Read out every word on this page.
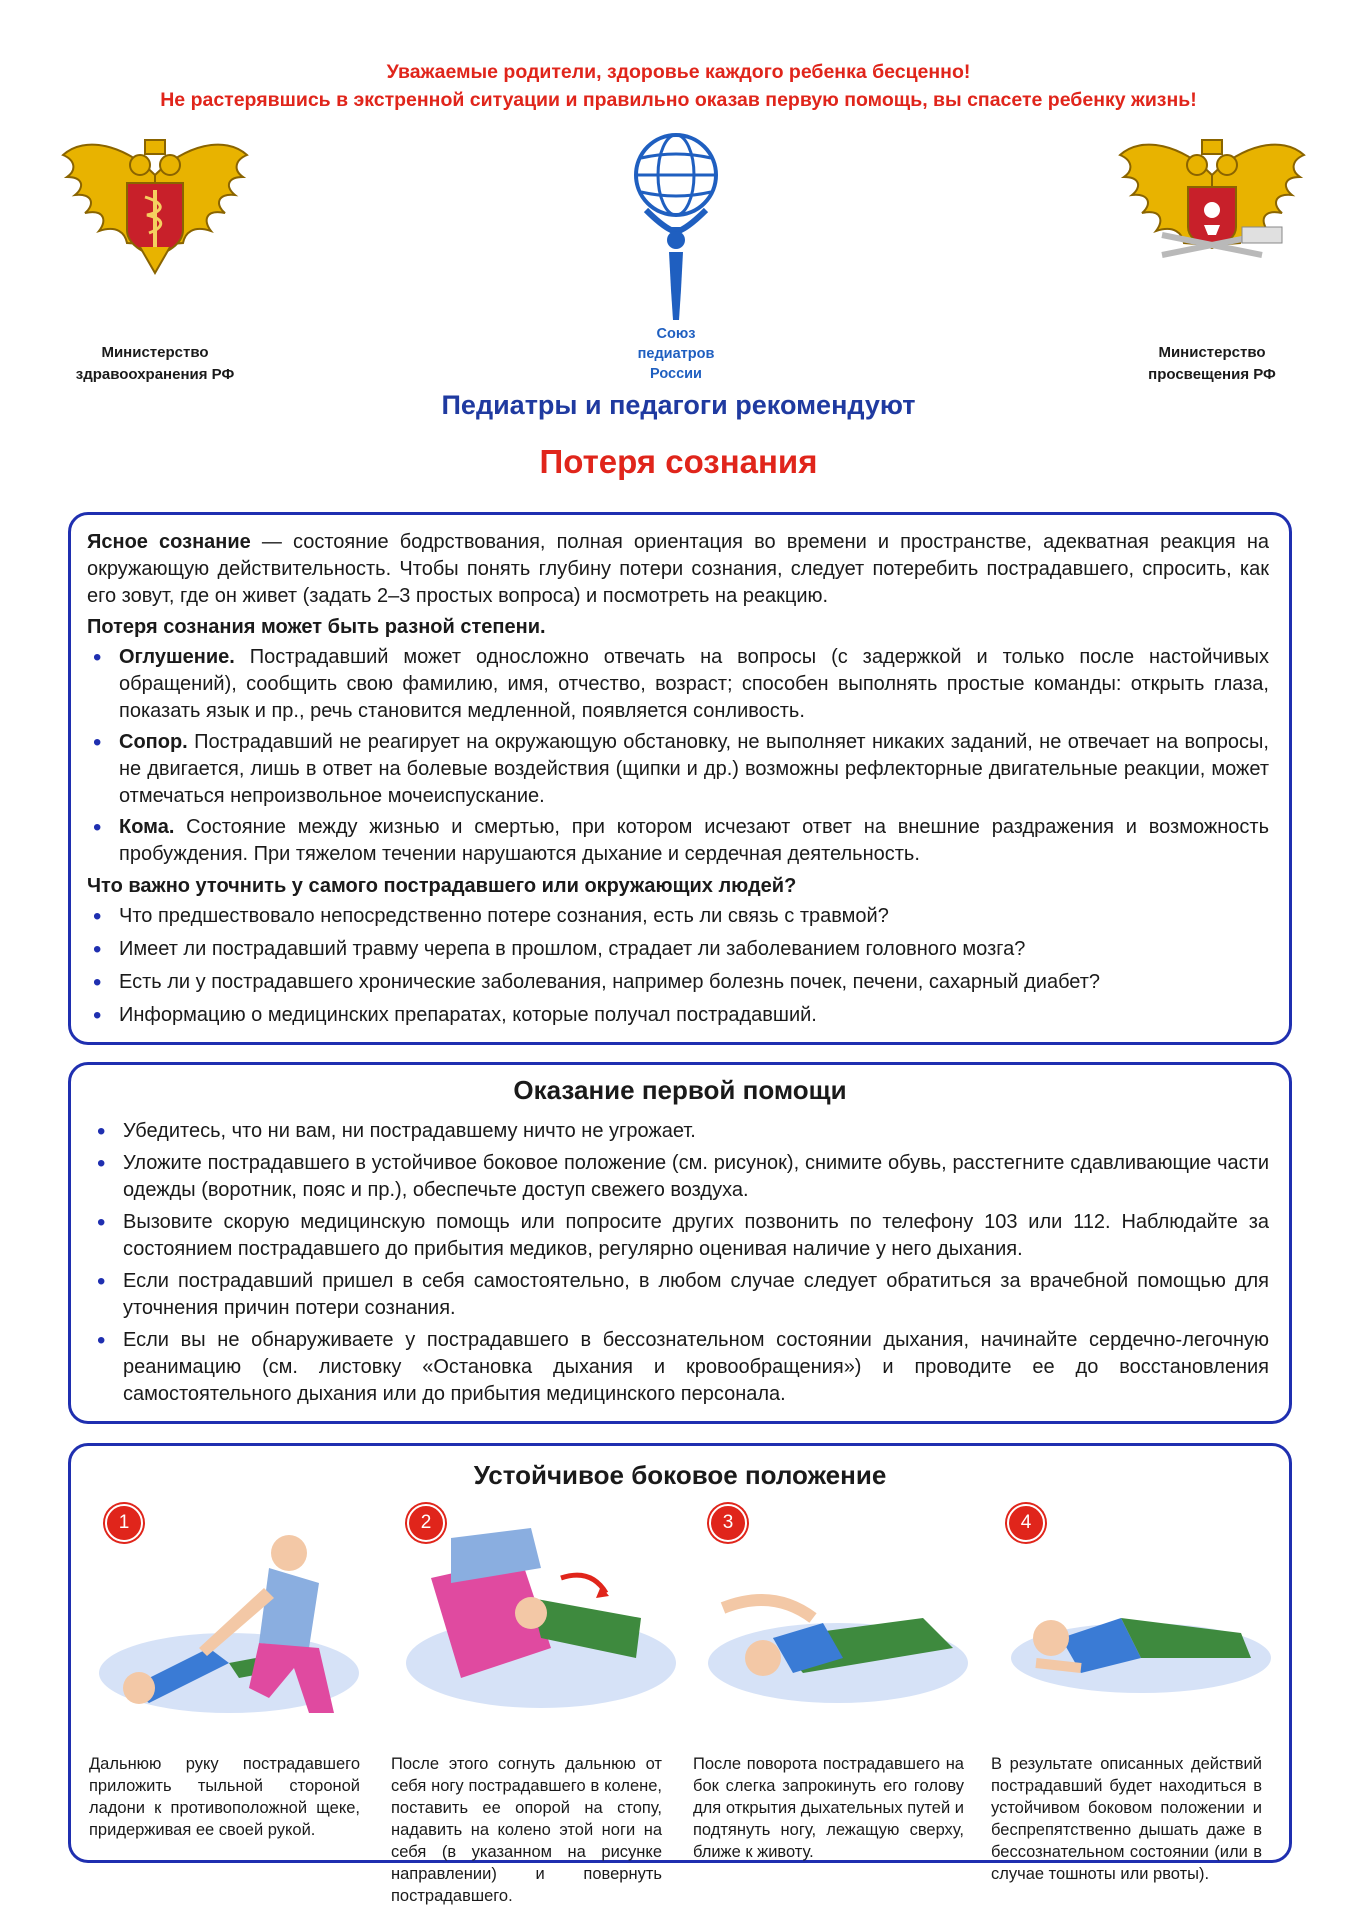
Уважаемые родители, здоровье каждого ребенка бесценно!
Не растерявшись в экстренной ситуации и правильно оказав первую помощь, вы спасете ребенку жизнь!
Министерство
здравоохранения РФ
Союз
педиатров
России
Министерство
просвещения РФ
Педиатры и педагоги рекомендуют
Потеря сознания

Ясное сознание — состояние бодрствования, полная ориентация во времени и пространстве, адекватная реакция на окружающую действительность. Чтобы понять глубину потери сознания, следует потеребить пострадавшего, спросить, как его зовут, где он живет (задать 2–3 простых вопроса) и посмотреть на реакцию.

Потеря сознания может быть разной степени.
• Оглушение. Пострадавший может односложно отвечать на вопросы (с задержкой и только после настойчивых обращений), сообщить свою фамилию, имя, отчество, возраст; способен выполнять простые команды: открыть глаза, показать язык и пр., речь становится медленной, появляется сонливость.
• Сопор. Пострадавший не реагирует на окружающую обстановку, не выполняет никаких заданий, не отвечает на вопросы, не двигается, лишь в ответ на болевые воздействия (щипки и др.) возможны рефлекторные двигательные реакции, может отмечаться непроизвольное мочеиспускание.
• Кома. Состояние между жизнью и смертью, при котором исчезают ответ на внешние раздражения и возможность пробуждения. При тяжелом течении нарушаются дыхание и сердечная деятельность.
Что важно уточнить у самого пострадавшего или окружающих людей?
• Что предшествовало непосредственно потере сознания, есть ли связь с травмой?
• Имеет ли пострадавший травму черепа в прошлом, страдает ли заболеванием головного мозга?
• Есть ли у пострадавшего хронические заболевания, например болезнь почек, печени, сахарный диабет?
• Информацию о медицинских препаратах, которые получал пострадавший.
Оказание первой помощи
• Убедитесь, что ни вам, ни пострадавшему ничто не угрожает.
• Уложите пострадавшего в устойчивое боковое положение (см. рисунок), снимите обувь, расстегните сдавливающие части одежды (воротник, пояс и пр.), обеспечьте доступ свежего воздуха.
• Вызовите скорую медицинскую помощь или попросите других позвонить по телефону 103 или 112. Наблюдайте за состоянием пострадавшего до прибытия медиков, регулярно оценивая наличие у него дыхания.
• Если пострадавший пришел в себя самостоятельно, в любом случае следует обратиться за врачебной помощью для уточнения причин потери сознания.
• Если вы не обнаруживаете у пострадавшего в бессознательном состоянии дыхания, начинайте сердечно-легочную реанимацию (см. листовку «Остановка дыхания и кровообращения») и проводите ее до восстановления самостоятельного дыхания или до прибытия медицинского персонала.
Устойчивое боковое положение
1
Дальнюю руку пострадавшего приложить тыльной стороной ладони к противоположной щеке, придерживая ее своей рукой.
2
После этого согнуть дальнюю от себя ногу пострадавшего в колене, поставить ее опорой на стопу, надавить на колено этой ноги на себя (в указанном на рисунке направлении) и повернуть пострадавшего.
3
После поворота пострадавшего на бок слегка запрокинуть его голову для открытия дыхательных путей и подтянуть ногу, лежащую сверху, ближе к животу.
4
В результате описанных действий пострадавший будет находиться в устойчивом боковом положении и беспрепятственно дышать даже в бессознательном состоянии (или в случае тошноты или рвоты).
